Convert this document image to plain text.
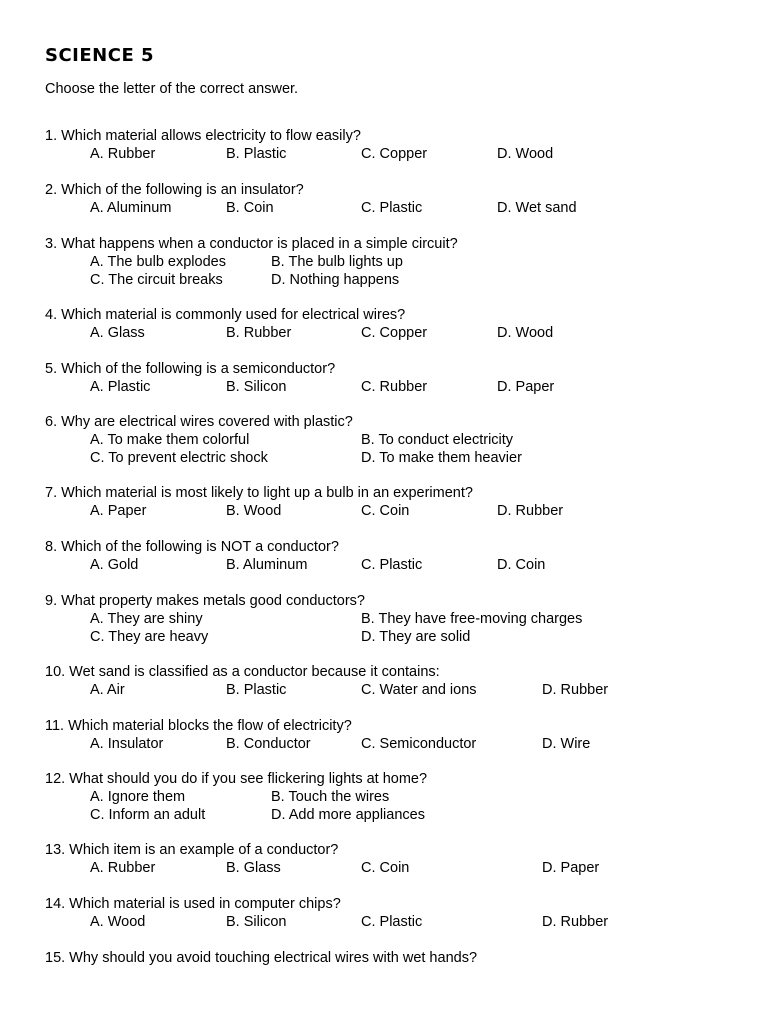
SCIENCE 5
Choose the letter of the correct answer.
1. Which material allows electricity to flow easily?
A. Rubber	B. Plastic	C. Copper	D. Wood
2. Which of the following is an insulator?
A. Aluminum	B. Coin	C. Plastic	D. Wet sand
3. What happens when a conductor is placed in a simple circuit?
A. The bulb explodes	B. The bulb lights up
C. The circuit breaks	D. Nothing happens
4. Which material is commonly used for electrical wires?
A. Glass	B. Rubber	C. Copper	D. Wood
5. Which of the following is a semiconductor?
A. Plastic	B. Silicon	C. Rubber	D. Paper
6. Why are electrical wires covered with plastic?
A. To make them colorful	B. To conduct electricity
C. To prevent electric shock	D. To make them heavier
7. Which material is most likely to light up a bulb in an experiment?
A. Paper	B. Wood	C. Coin	D. Rubber
8. Which of the following is NOT a conductor?
A. Gold	B. Aluminum	C. Plastic	D. Coin
9. What property makes metals good conductors?
A. They are shiny	B. They have free-moving charges
C. They are heavy	D. They are solid
10. Wet sand is classified as a conductor because it contains:
A. Air	B. Plastic	C. Water and ions	D. Rubber
11. Which material blocks the flow of electricity?
A. Insulator	B. Conductor	C. Semiconductor	D. Wire
12. What should you do if you see flickering lights at home?
A. Ignore them	B. Touch the wires
C. Inform an adult	D. Add more appliances
13. Which item is an example of a conductor?
A. Rubber	B. Glass	C. Coin	D. Paper
14. Which material is used in computer chips?
A. Wood	B. Silicon	C. Plastic	D. Rubber
15. Why should you avoid touching electrical wires with wet hands?
